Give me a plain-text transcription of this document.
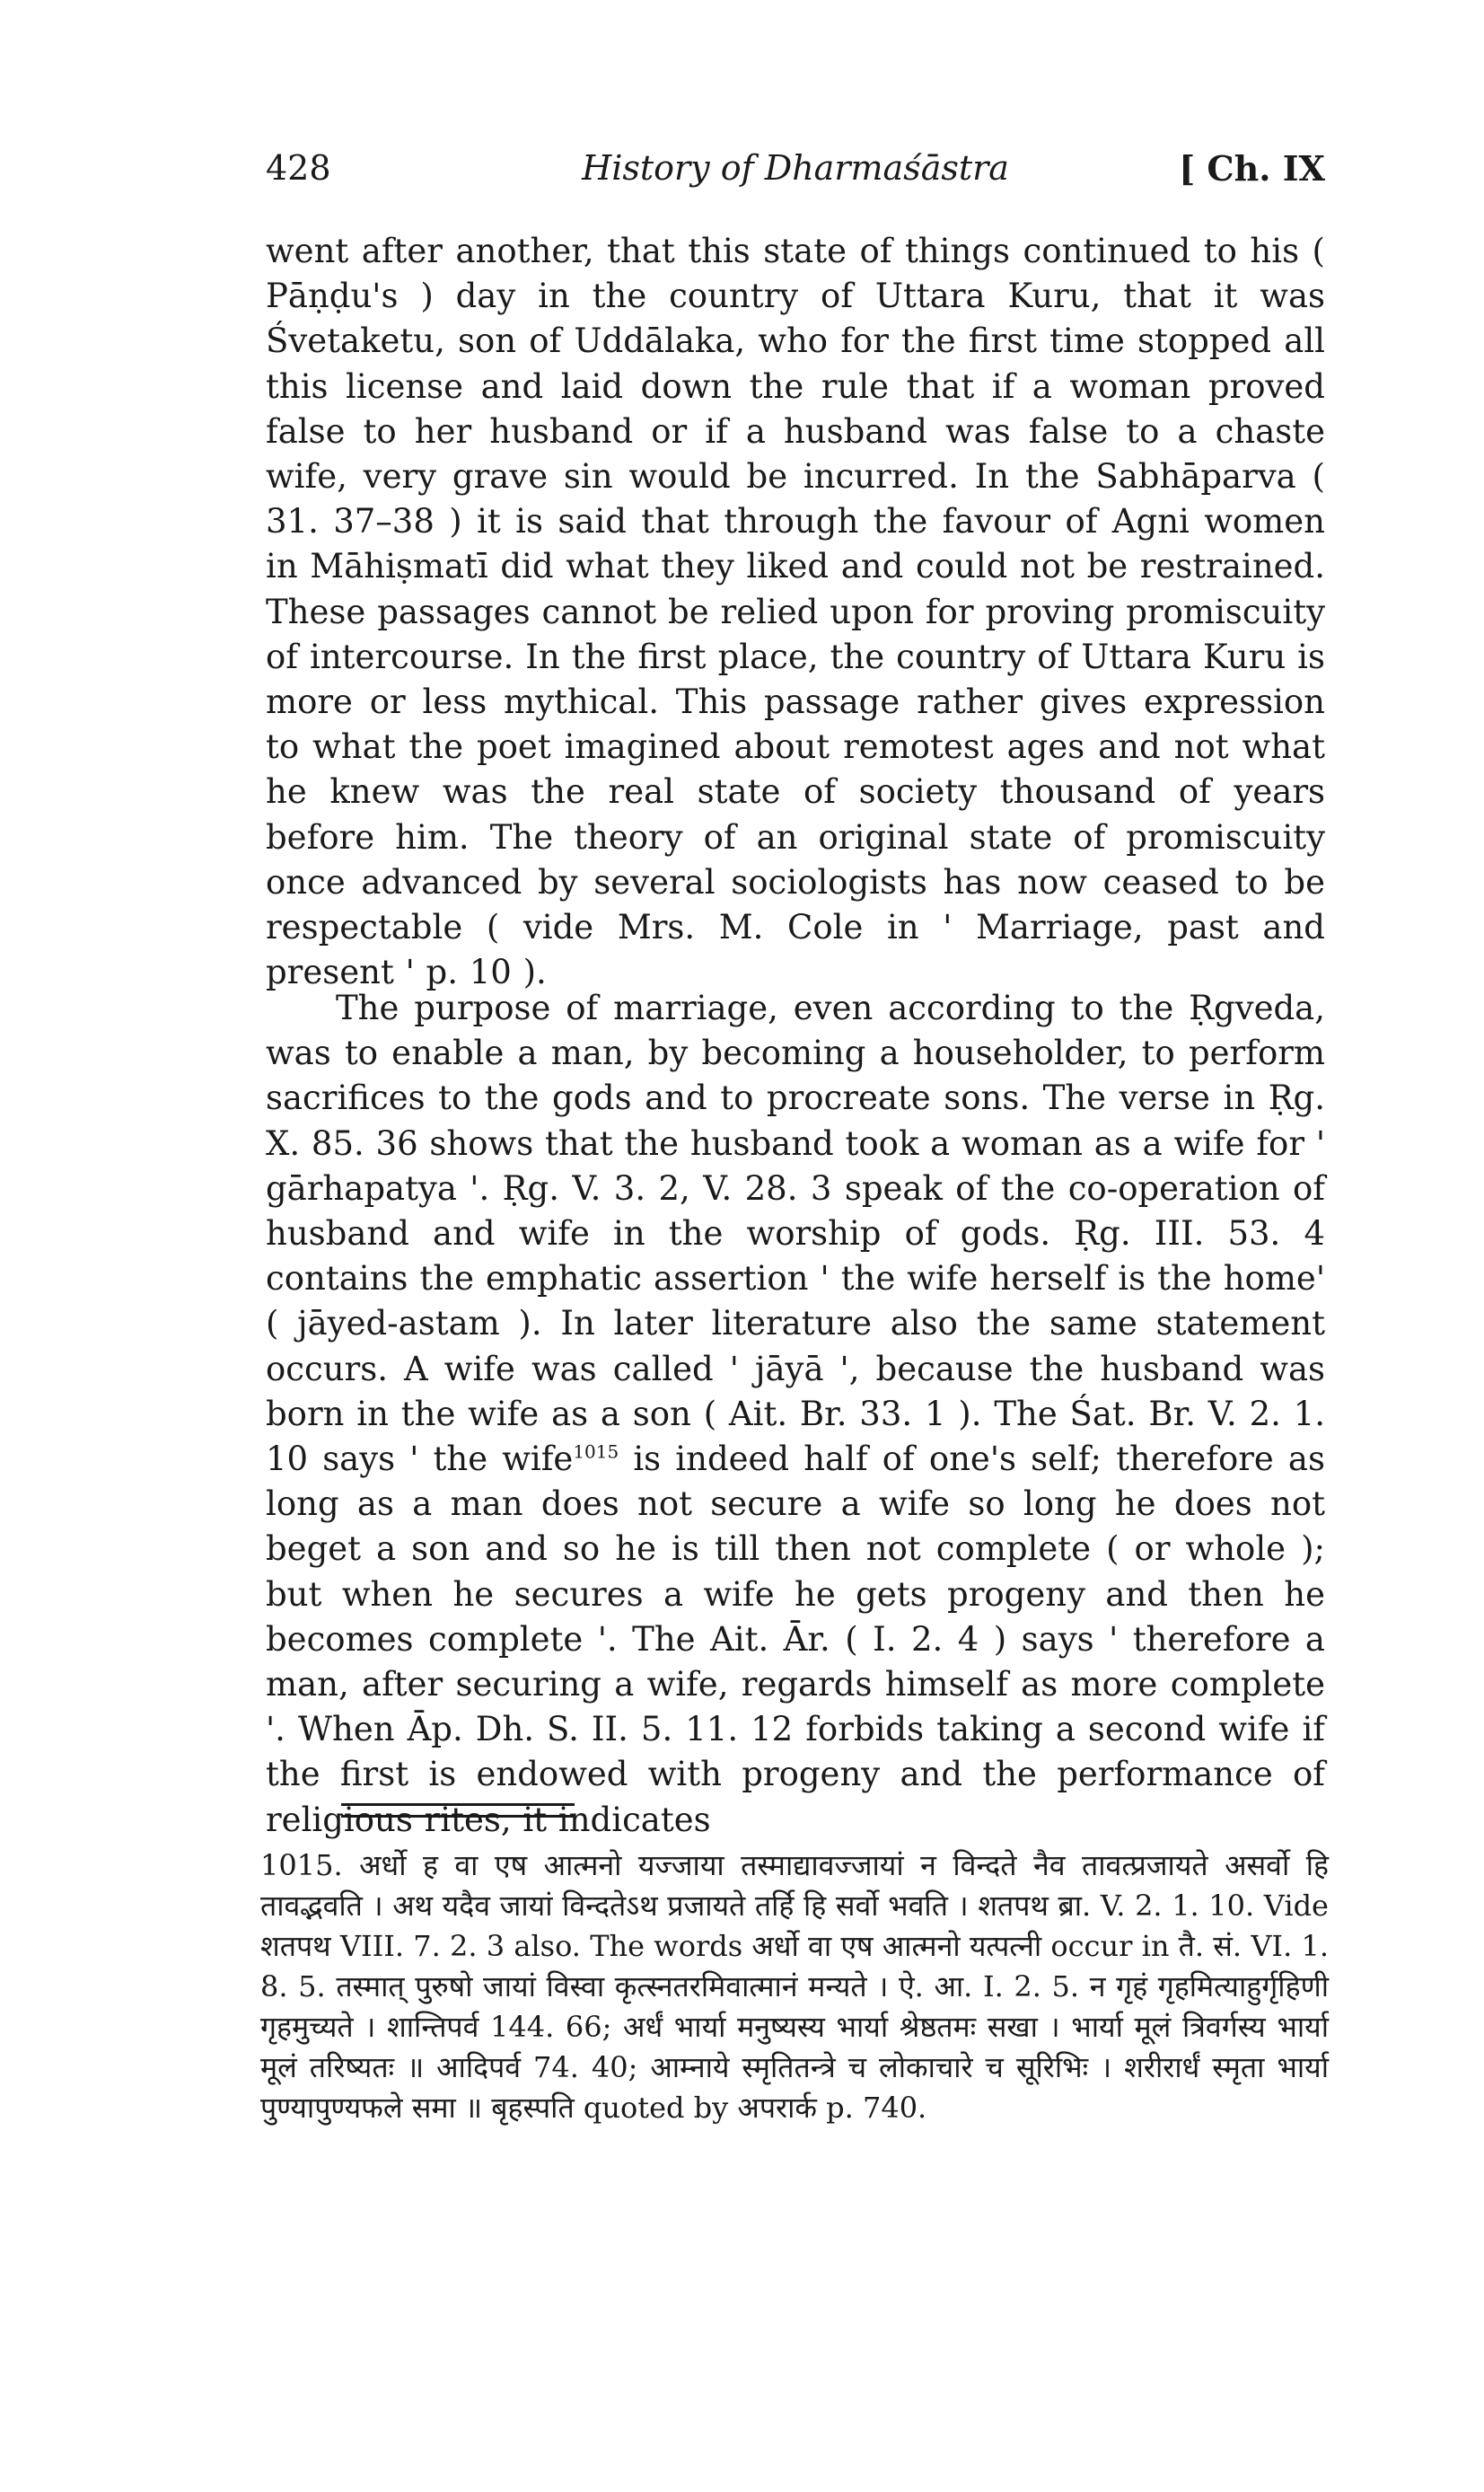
428	History of Dharmaśāstra	[ Ch. IX

went after another, that this state of things continued to his ( Pāṇḍu's ) day in the country of Uttara Kuru, that it was Śvetaketu, son of Uddālaka, who for the first time stopped all this license and laid down the rule that if a woman proved false to her husband or if a husband was false to a chaste wife, very grave sin would be incurred. In the Sabhāparva ( 31. 37–38 ) it is said that through the favour of Agni women in Māhiṣmatī did what they liked and could not be restrained. These passages cannot be relied upon for proving promiscuity of intercourse. In the first place, the country of Uttara Kuru is more or less mythical. This passage rather gives expression to what the poet imagined about remotest ages and not what he knew was the real state of society thousand of years before him. The theory of an original state of promiscuity once advanced by several sociologists has now ceased to be respectable ( vide Mrs. M. Cole in ' Marriage, past and present ' p. 10 ).

The purpose of marriage, even according to the Ṛgveda, was to enable a man, by becoming a householder, to perform sacrifices to the gods and to procreate sons. The verse in Ṛg. X. 85. 36 shows that the husband took a woman as a wife for ' gārhapatya '. Ṛg. V. 3. 2, V. 28. 3 speak of the co-operation of husband and wife in the worship of gods. Ṛg. III. 53. 4 contains the emphatic assertion ' the wife herself is the home' ( jāyed-astam ). In later literature also the same statement occurs. A wife was called ' jāyā ', because the husband was born in the wife as a son ( Ait. Br. 33. 1 ). The Śat. Br. V. 2. 1. 10 says ' the wife$^{1015}$ is indeed half of one's self; therefore as long as a man does not secure a wife so long he does not beget a son and so he is till then not complete ( or whole ); but when he secures a wife he gets progeny and then he becomes complete '. The Ait. Ār. ( I. 2. 4 ) says ' therefore a man, after securing a wife, regards himself as more complete '. When Āp. Dh. S. II. 5. 11. 12 forbids taking a second wife if the first is endowed with progeny and the performance of religious rites, it indicates

1015. अर्धो ह वा एष आत्मनो यज्जाया तस्माद्यावज्जायां न विन्दते नैव तावत्प्रजायते असर्वो हि तावद्भवति । अथ यदैव जायां विन्दतेऽथ प्रजायते तर्हि हि सर्वो भवति । शतपथ ब्रा. V. 2. 1. 10. Vide शतपथ VIII. 7. 2. 3 also. The words अर्धो वा एष आत्मनो यत्पत्नी occur in तै. सं. VI. 1. 8. 5. तस्मात् पुरुषो जायां विस्वा कृत्स्नतरमिवात्मानं मन्यते । ऐ. आ. I. 2. 5. न गृहं गृहमित्याहुर्गृहिणी गृहमुच्यते । शान्तिपर्व 144. 66; अर्धं भार्या मनुष्यस्य भार्या श्रेष्ठतमः सखा । भार्या मूलं त्रिवर्गस्य भार्या मूलं तरिष्यतः ॥ आदिपर्व 74. 40; आम्नाये स्मृतितन्त्रे च लोकाचारे च सूरिभिः । शरीरार्धं स्मृता भार्या पुण्यापुण्यफले समा ॥ बृहस्पति quoted by अपरार्क p. 740.
